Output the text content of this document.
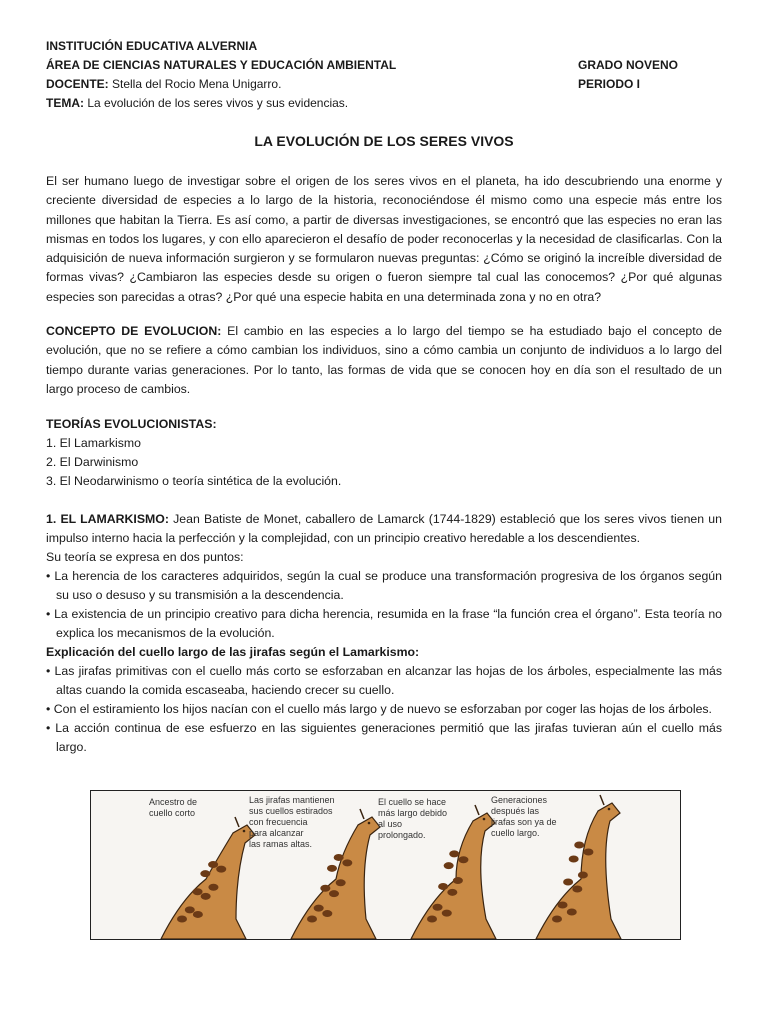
INSTITUCIÓN EDUCATIVA ALVERNIA
ÁREA DE CIENCIAS NATURALES Y EDUCACIÓN AMBIENTAL
DOCENTE: Stella del Rocio Mena Unigarro.
TEMA: La evolución de los seres vivos y sus evidencias.
GRADO NOVENO
PERIODO I
LA EVOLUCIÓN DE LOS SERES VIVOS
El ser humano luego de investigar sobre el origen de los seres vivos en el planeta, ha ido descubriendo una enorme y creciente diversidad de especies a lo largo de la historia, reconociéndose él mismo como una especie más entre los millones que habitan la Tierra. Es así como, a partir de diversas investigaciones, se encontró que las especies no eran las mismas en todos los lugares, y con ello aparecieron el desafío de poder reconocerlas y la necesidad de clasificarlas. Con la adquisición de nueva información surgieron y se formularon nuevas preguntas: ¿Cómo se originó la increíble diversidad de formas vivas? ¿Cambiaron las especies desde su origen o fueron siempre tal cual las conocemos? ¿Por qué algunas especies son parecidas a otras? ¿Por qué una especie habita en una determinada zona y no en otra?
CONCEPTO DE EVOLUCION: El cambio en las especies a lo largo del tiempo se ha estudiado bajo el concepto de evolución, que no se refiere a cómo cambian los individuos, sino a cómo cambia un conjunto de individuos a lo largo del tiempo durante varias generaciones. Por lo tanto, las formas de vida que se conocen hoy en día son el resultado de un largo proceso de cambios.
TEORÍAS EVOLUCIONISTAS:
1. El Lamarkismo
2. El Darwinismo
3. El Neodarwinismo o teoría sintética de la evolución.
1. EL LAMARKISMO: Jean Batiste de Monet, caballero de Lamarck (1744-1829) estableció que los seres vivos tienen un impulso interno hacia la perfección y la complejidad, con un principio creativo heredable a los descendientes.
Su teoría se expresa en dos puntos:
• La herencia de los caracteres adquiridos, según la cual se produce una transformación progresiva de los órganos según su uso o desuso y su transmisión a la descendencia.
• La existencia de un principio creativo para dicha herencia, resumida en la frase “la función crea el órgano”. Esta teoría no explica los mecanismos de la evolución.
Explicación del cuello largo de las jirafas según el Lamarkismo:
• Las jirafas primitivas con el cuello más corto se esforzaban en alcanzar las hojas de los árboles, especialmente las más altas cuando la comida escaseaba, haciendo crecer su cuello.
• Con el estiramiento los hijos nacían con el cuello más largo y de nuevo se esforzaban por coger las hojas de los árboles.
• La acción continua de ese esfuerzo en las siguientes generaciones permitió que las jirafas tuvieran aún el cuello más largo.
Ancestro de
cuello corto
Las jirafas mantienen
sus cuellos estirados
con frecuencia
para alcanzar
las ramas altas.
El cuello se hace
más largo debido
al uso
prolongado.
Generaciones
después las
jirafas son ya de
cuello largo.
